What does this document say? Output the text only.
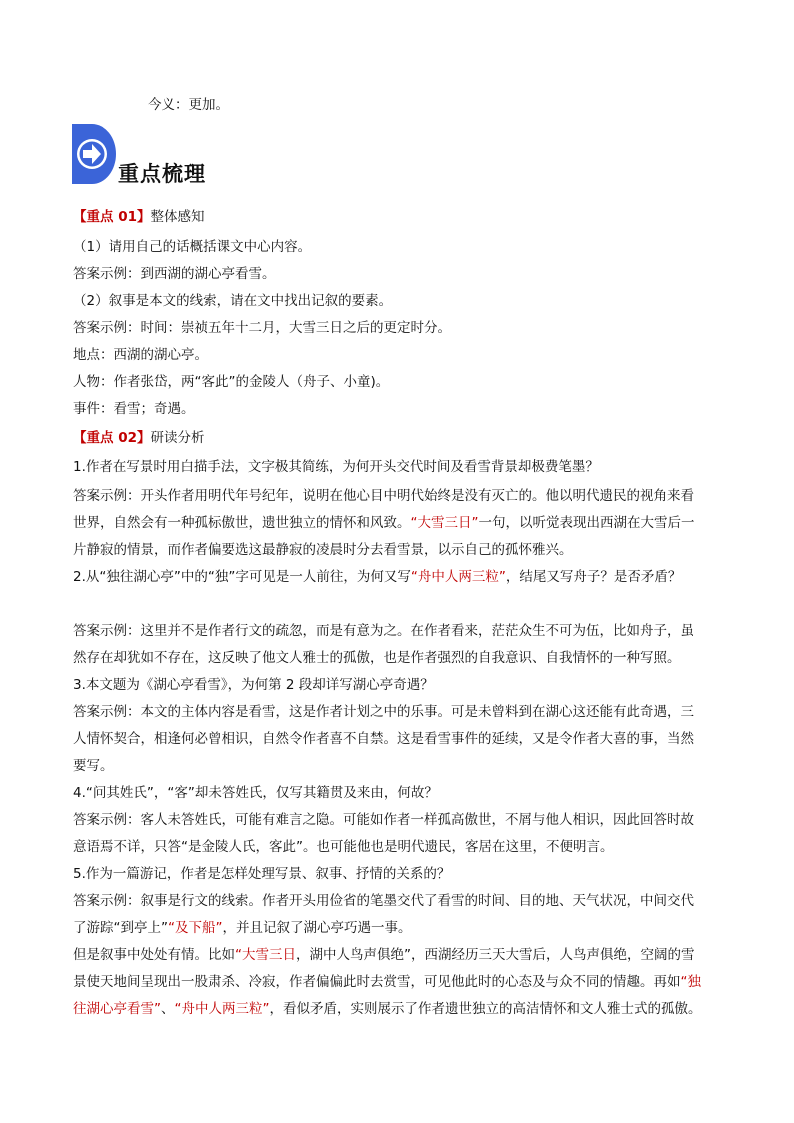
今义：更加。
重点梳理
【重点 01】整体感知
（1）请用自己的话概括课文中心内容。
答案示例：到西湖的湖心亭看雪。
（2）叙事是本文的线索，请在文中找出记叙的要素。
答案示例：时间：崇祯五年十二月，大雪三日之后的更定时分。
地点：西湖的湖心亭。
人物：作者张岱，两“客此”的金陵人（舟子、小童)。
事件：看雪；奇遇。
【重点 02】研读分析
1.作者在写景时用白描手法，文字极其简练，为何开头交代时间及看雪背景却极费笔墨？
答案示例：开头作者用明代年号纪年，说明在他心目中明代始终是没有灭亡的。他以明代遗民的视角来看
世界，自然会有一种孤标傲世，遗世独立的情怀和风致。“大雪三日”一句，以听觉表现出西湖在大雪后一
片静寂的情景，而作者偏要选这最静寂的凌晨时分去看雪景，以示自己的孤怀雅兴。
2.从“独往湖心亭”中的“独”字可见是一人前往，为何又写“舟中人两三粒”，结尾又写舟子？是否矛盾？
答案示例：这里并不是作者行文的疏忽，而是有意为之。在作者看来，茫茫众生不可为伍，比如舟子，虽
然存在却犹如不存在，这反映了他文人雅士的孤傲，也是作者强烈的自我意识、自我情怀的一种写照。
3.本文题为《湖心亭看雪》，为何第 2 段却详写湖心亭奇遇？
答案示例：本文的主体内容是看雪，这是作者计划之中的乐事。可是未曾料到在湖心这还能有此奇遇，三
人情怀契合，相逢何必曾相识，自然令作者喜不自禁。这是看雪事件的延续，又是令作者大喜的事，当然
要写。
4.“问其姓氏”，“客”却未答姓氏，仅写其籍贯及来由，何故？
答案示例：客人未答姓氏，可能有难言之隐。可能如作者一样孤高傲世，不屑与他人相识，因此回答时故
意语焉不详，只答“是金陵人氏，客此”。也可能他也是明代遗民，客居在这里，不便明言。
5.作为一篇游记，作者是怎样处理写景、叙事、抒情的关系的？
答案示例：叙事是行文的线索。作者开头用俭省的笔墨交代了看雪的时间、目的地、天气状况，中间交代
了游踪“到亭上”“及下船”，并且记叙了湖心亭巧遇一事。
但是叙事中处处有情。比如“大雪三日，湖中人鸟声俱绝”，西湖经历三天大雪后，人鸟声俱绝，空阔的雪
景使天地间呈现出一股肃杀、冷寂，作者偏偏此时去赏雪，可见他此时的心态及与众不同的情趣。再如“独
往湖心亭看雪”、“舟中人两三粒”，看似矛盾，实则展示了作者遗世独立的高洁情怀和文人雅士式的孤傲。
